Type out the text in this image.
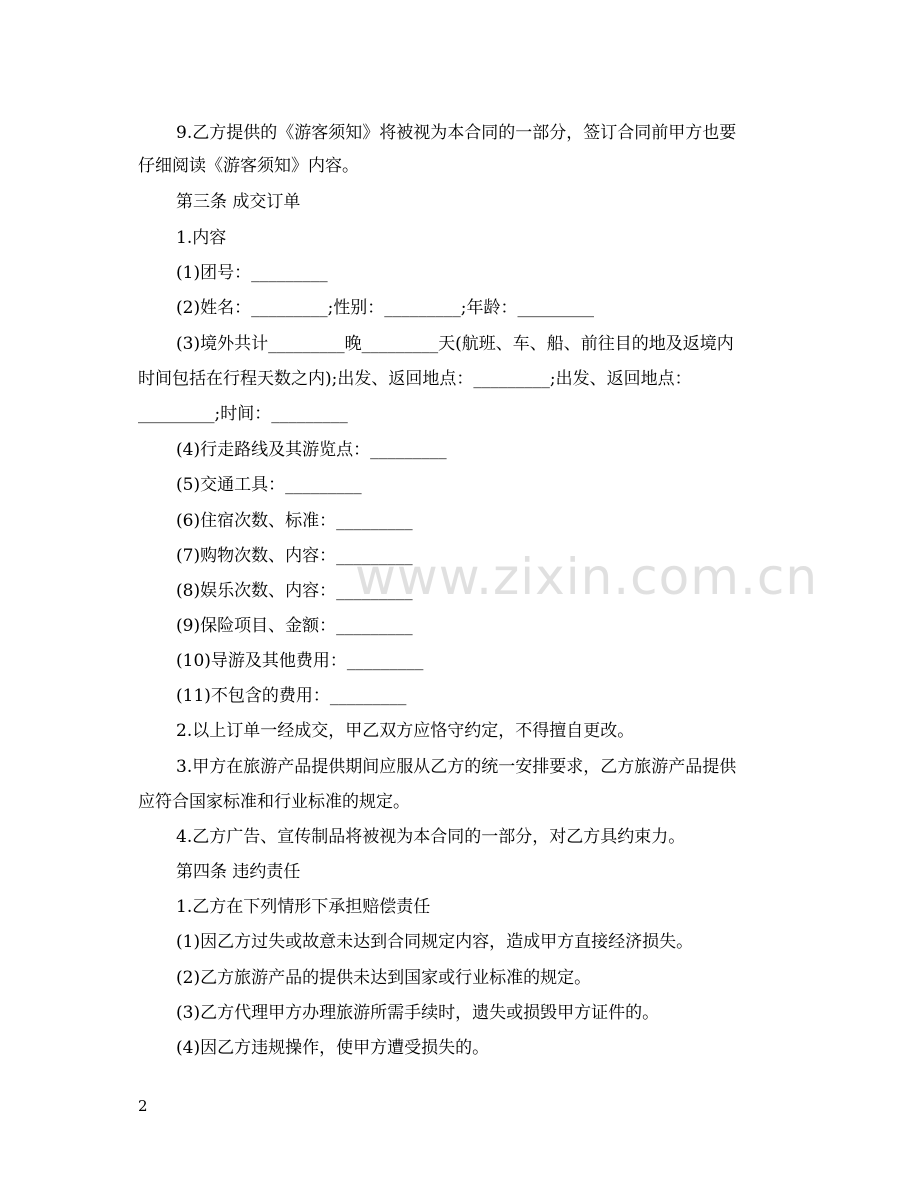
9.乙方提供的《游客须知》将被视为本合同的一部分，签订合同前甲方也要

仔细阅读《游客须知》内容。

第三条 成交订单

1.内容

(1)团号：_________

(2)姓名：_________;性别：_________;年龄：_________

(3)境外共计_________晚_________天(航班、车、船、前往目的地及返境内

时间包括在行程天数之内);出发、返回地点：_________;出发、返回地点：

_________;时间：_________

(4)行走路线及其游览点：_________

(5)交通工具：_________

(6)住宿次数、标准：_________

(7)购物次数、内容：_________

(8)娱乐次数、内容：_________

(9)保险项目、金额：_________

(10)导游及其他费用：_________

(11)不包含的费用：_________

2.以上订单一经成交，甲乙双方应恪守约定，不得擅自更改。

3.甲方在旅游产品提供期间应服从乙方的统一安排要求，乙方旅游产品提供

应符合国家标准和行业标准的规定。

4.乙方广告、宣传制品将被视为本合同的一部分，对乙方具约束力。

第四条 违约责任

1.乙方在下列情形下承担赔偿责任

(1)因乙方过失或故意未达到合同规定内容，造成甲方直接经济损失。

(2)乙方旅游产品的提供未达到国家或行业标准的规定。

(3)乙方代理甲方办理旅游所需手续时，遗失或损毁甲方证件的。

(4)因乙方违规操作，使甲方遭受损失的。

www.zixin.com.cn
2
